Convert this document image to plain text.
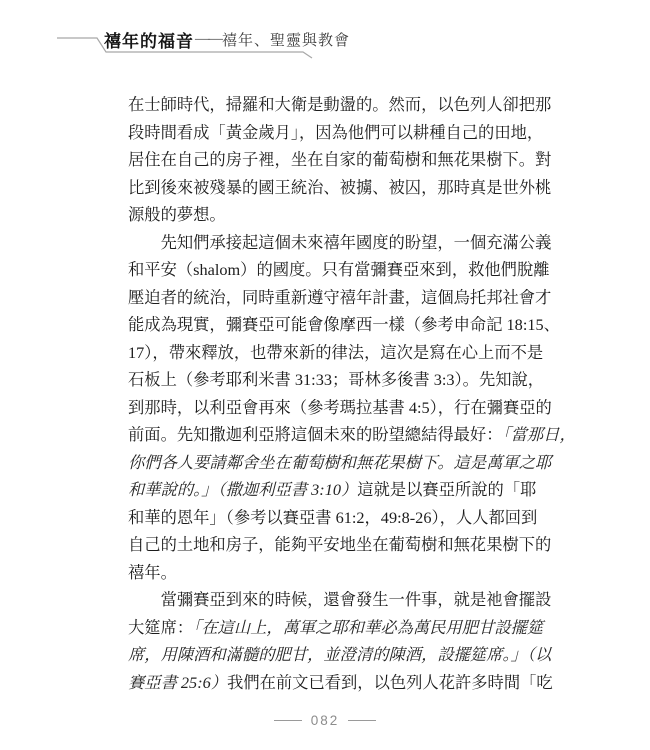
禧年的福音 —— 禧年、聖靈與教會
在士師時代，掃羅和大衛是動盪的。然而，以色列人卻把那
段時間看成「黃金歲月」，因為他們可以耕種自己的田地，
居住在自己的房子裡，坐在自家的葡萄樹和無花果樹下。對
比到後來被殘暴的國王統治、被擄、被囚，那時真是世外桃
源般的夢想。
先知們承接起這個未來禧年國度的盼望，一個充滿公義
和平安（shalom）的國度。只有當彌賽亞來到，救他們脫離
壓迫者的統治，同時重新遵守禧年計畫，這個烏托邦社會才
能成為現實，彌賽亞可能會像摩西一樣（參考申命記 18:15、
17），帶來釋放，也帶來新的律法，這次是寫在心上而不是
石板上（參考耶利米書 31:33；哥林多後書 3:3）。先知說，
到那時，以利亞會再來（參考瑪拉基書 4:5），行在彌賽亞的
前面。先知撒迦利亞將這個未來的盼望總結得最好：「當那日，
你們各人要請鄰舍坐在葡萄樹和無花果樹下。這是萬軍之耶
和華說的。」（撒迦利亞書 3:10）這就是以賽亞所說的「耶
和華的恩年」（參考以賽亞書 61:2，49:8-26），人人都回到
自己的土地和房子，能夠平安地坐在葡萄樹和無花果樹下的
禧年。
當彌賽亞到來的時候，還會發生一件事，就是祂會擺設
大筵席：「在這山上，萬軍之耶和華必為萬民用肥甘設擺筵
席，用陳酒和滿髓的肥甘，並澄清的陳酒，設擺筵席。」（以
賽亞書 25:6）我們在前文已看到，以色列人花許多時間「吃
082
